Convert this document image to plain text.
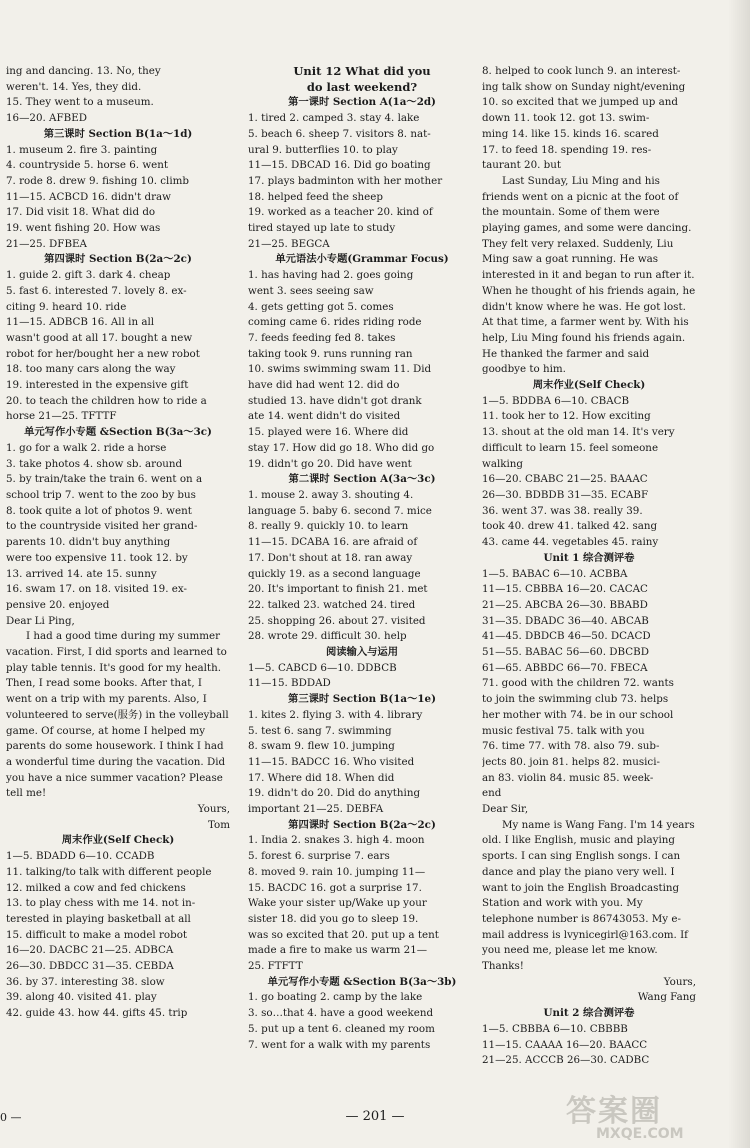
ing and dancing. 13. No, they
weren't. 14. Yes, they did.
15. They went to a museum.
16—20. AFBED
第三课时 Section B(1a～1d)
1. museum 2. fire 3. painting
4. countryside 5. horse 6. went
7. rode 8. drew 9. fishing 10. climb
11—15. ACBCD 16. didn't draw
17. Did visit 18. What did do
19. went fishing 20. How was
21—25. DFBEA
第四课时 Section B(2a～2c)
1. guide 2. gift 3. dark 4. cheap
5. fast 6. interested 7. lovely 8. ex-
citing 9. heard 10. ride
11—15. ADBCB 16. All in all
wasn't good at all 17. bought a new
robot for her/bought her a new robot
18. too many cars along the way
19. interested in the expensive gift
20. to teach the children how to ride a
horse 21—25. TFTTF
单元写作小专题 &Section B(3a～3c)
1. go for a walk 2. ride a horse
3. take photos 4. show sb. around
5. by train/take the train 6. went on a
school trip 7. went to the zoo by bus
8. took quite a lot of photos 9. went
to the countryside visited her grand-
parents 10. didn't buy anything
were too expensive 11. took 12. by
13. arrived 14. ate 15. sunny
16. swam 17. on 18. visited 19. ex-
pensive 20. enjoyed
Dear Li Ping,
I had a good time during my summer vacation. First, I did sports and learned to play table tennis. It's good for my health. Then, I read some books. After that, I went on a trip with my parents. Also, I volunteered to serve(服务) in the volleyball game. Of course, at home I helped my parents do some housework. I think I had a wonderful time during the vacation. Did you have a nice summer vacation? Please tell me!
Yours,
Tom
周末作业(Self Check)
1—5. BDADD 6—10. CCADB
11. talking/to talk with different people
12. milked a cow and fed chickens
13. to play chess with me 14. not in-
terested in playing basketball at all
15. difficult to make a model robot
16—20. DACBC 21—25. ADBCA
26—30. DBDCC 31—35. CEBDA
36. by 37. interesting 38. slow
39. along 40. visited 41. play
42. guide 43. how 44. gifts 45. trip
Unit 12 What did you
do last weekend?
第一课时 Section A(1a～2d)
1. tired 2. camped 3. stay 4. lake
5. beach 6. sheep 7. visitors 8. nat-
ural 9. butterflies 10. to play
11—15. DBCAD 16. Did go boating
17. plays badminton with her mother
18. helped feed the sheep
19. worked as a teacher 20. kind of
tired stayed up late to study
21—25. BEGCA
单元语法小专题(Grammar Focus)
1. has having had 2. goes going
went 3. sees seeing saw
4. gets getting got 5. comes
coming came 6. rides riding rode
7. feeds feeding fed 8. takes
taking took 9. runs running ran
10. swims swimming swam 11. Did
have did had went 12. did do
studied 13. have didn't got drank
ate 14. went didn't do visited
15. played were 16. Where did
stay 17. How did go 18. Who did go
19. didn't go 20. Did have went
第二课时 Section A(3a～3c)
1. mouse 2. away 3. shouting 4.
language 5. baby 6. second 7. mice
8. really 9. quickly 10. to learn
11—15. DCABA 16. are afraid of
17. Don't shout at 18. ran away
quickly 19. as a second language
20. It's important to finish 21. met
22. talked 23. watched 24. tired
25. shopping 26. about 27. visited
28. wrote 29. difficult 30. help
阅读输入与运用
1—5. CABCD 6—10. DDBCB
11—15. BDDAD
第三课时 Section B(1a～1e)
1. kites 2. flying 3. with 4. library
5. test 6. sang 7. swimming
8. swam 9. flew 10. jumping
11—15. BADCC 16. Who visited
17. Where did 18. When did
19. didn't do 20. Did do anything
important 21—25. DEBFA
第四课时 Section B(2a～2c)
1. India 2. snakes 3. high 4. moon
5. forest 6. surprise 7. ears
8. moved 9. rain 10. jumping 11—
15. BACDC 16. got a surprise 17.
Wake your sister up/Wake up your
sister 18. did you go to sleep 19.
was so excited that 20. put up a tent
made a fire to make us warm 21—
25. FTFTT
单元写作小专题 &Section B(3a～3b)
1. go boating 2. camp by the lake
3. so…that 4. have a good weekend
5. put up a tent 6. cleaned my room
7. went for a walk with my parents
8. helped to cook lunch 9. an interest-
ing talk show on Sunday night/evening
10. so excited that we jumped up and
down 11. took 12. got 13. swim-
ming 14. like 15. kinds 16. scared
17. to feed 18. spending 19. res-
taurant 20. but
Last Sunday, Liu Ming and his friends went on a picnic at the foot of the mountain. Some of them were playing games, and some were dancing. They felt very relaxed. Suddenly, Liu Ming saw a goat running. He was interested in it and began to run after it. When he thought of his friends again, he didn't know where he was. He got lost. At that time, a farmer went by. With his help, Liu Ming found his friends again. He thanked the farmer and said goodbye to him.
周末作业(Self Check)
1—5. BDDBA 6—10. CBACB
11. took her to 12. How exciting
13. shout at the old man 14. It's very
difficult to learn 15. feel someone
walking
16—20. CBABC 21—25. BAAAC
26—30. BDBDB 31—35. ECABF
36. went 37. was 38. really 39.
took 40. drew 41. talked 42. sang
43. came 44. vegetables 45. rainy
Unit 1 综合测评卷
1—5. BABAC 6—10. ACBBA
11—15. CBBBA 16—20. CACAC
21—25. ABCBA 26—30. BBABD
31—35. DBADC 36—40. ABCAB
41—45. DBDCB 46—50. DCACD
51—55. BABAC 56—60. DBCBD
61—65. ABBDC 66—70. FBECA
71. good with the children 72. wants
to join the swimming club 73. helps
her mother with 74. be in our school
music festival 75. talk with you
76. time 77. with 78. also 79. sub-
jects 80. join 81. helps 82. musici-
an 83. violin 84. music 85. week-
end
Dear Sir,
My name is Wang Fang. I'm 14 years old. I like English, music and playing sports. I can sing English songs. I can dance and play the piano very well. I want to join the English Broadcasting Station and work with you. My telephone number is 86743053. My e-mail address is lvynicegirl@163.com. If you need me, please let me know. Thanks!
Yours,
Wang Fang
Unit 2 综合测评卷
1—5. CBBBA 6—10. CBBBB
11—15. CAAAA 16—20. BAACC
21—25. ACCCB 26—30. CADBC
0 —	— 201 —	答案圈
MXQE.COM
